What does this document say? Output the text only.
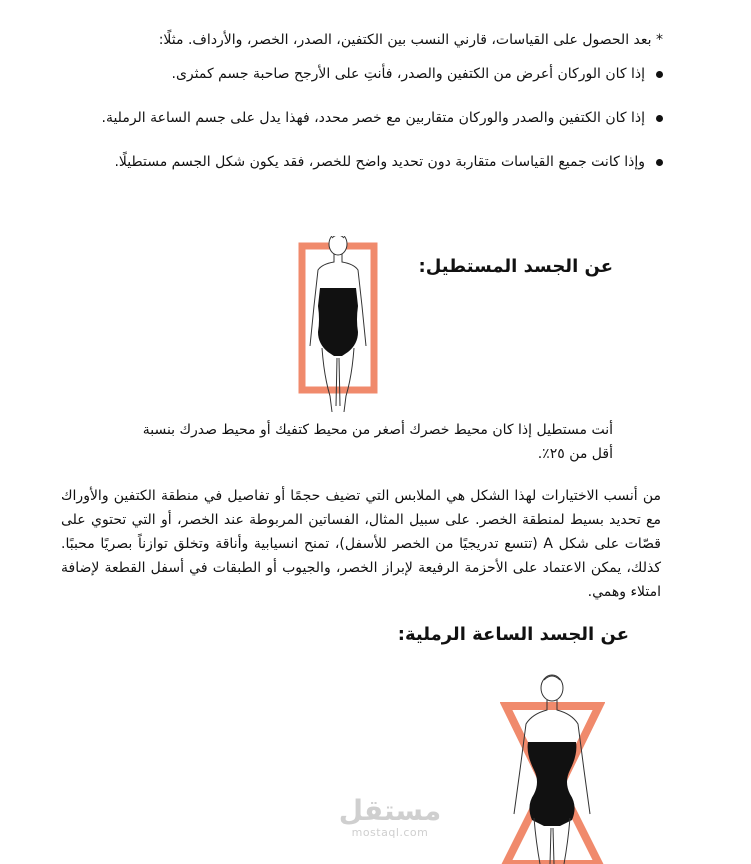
* بعد الحصول على القياسات، قارني النسب بين الكتفين، الصدر، الخصر، والأرداف. مثلًا:
إذا كان الوركان أعرض من الكتفين والصدر، فأنتِ على الأرجح صاحبة جسم كمثرى.
إذا كان الكتفين والصدر والوركان متقاربين مع خصر محدد، فهذا يدل على جسم الساعة الرملية.
وإذا كانت جميع القياسات متقاربة دون تحديد واضح للخصر، فقد يكون شكل الجسم مستطيلًا.
عن الجسد المستطيل:
أنت مستطيل إذا كان محيط خصرك أصغر من محيط كتفيك أو محيط صدرك بنسبة أقل من ٢٥٪.
من أنسب الاختيارات لهذا الشكل هي الملابس التي تضيف حجمًا أو تفاصيل في منطقة الكتفين والأوراك مع تحديد بسيط لمنطقة الخصر. على سبيل المثال، الفساتين المربوطة عند الخصر، أو التي تحتوي على قصّات على شكل A (تتسع تدريجيًا من الخصر للأسفل)، تمنح انسيابية وأناقة وتخلق توازناً بصريًا محببًا. كذلك، يمكن الاعتماد على الأحزمة الرفيعة لإبراز الخصر، والجيوب أو الطبقات في أسفل القطعة لإضافة امتلاء وهمي.
عن الجسد الساعة الرملية:
مستقل
mostaql.com
